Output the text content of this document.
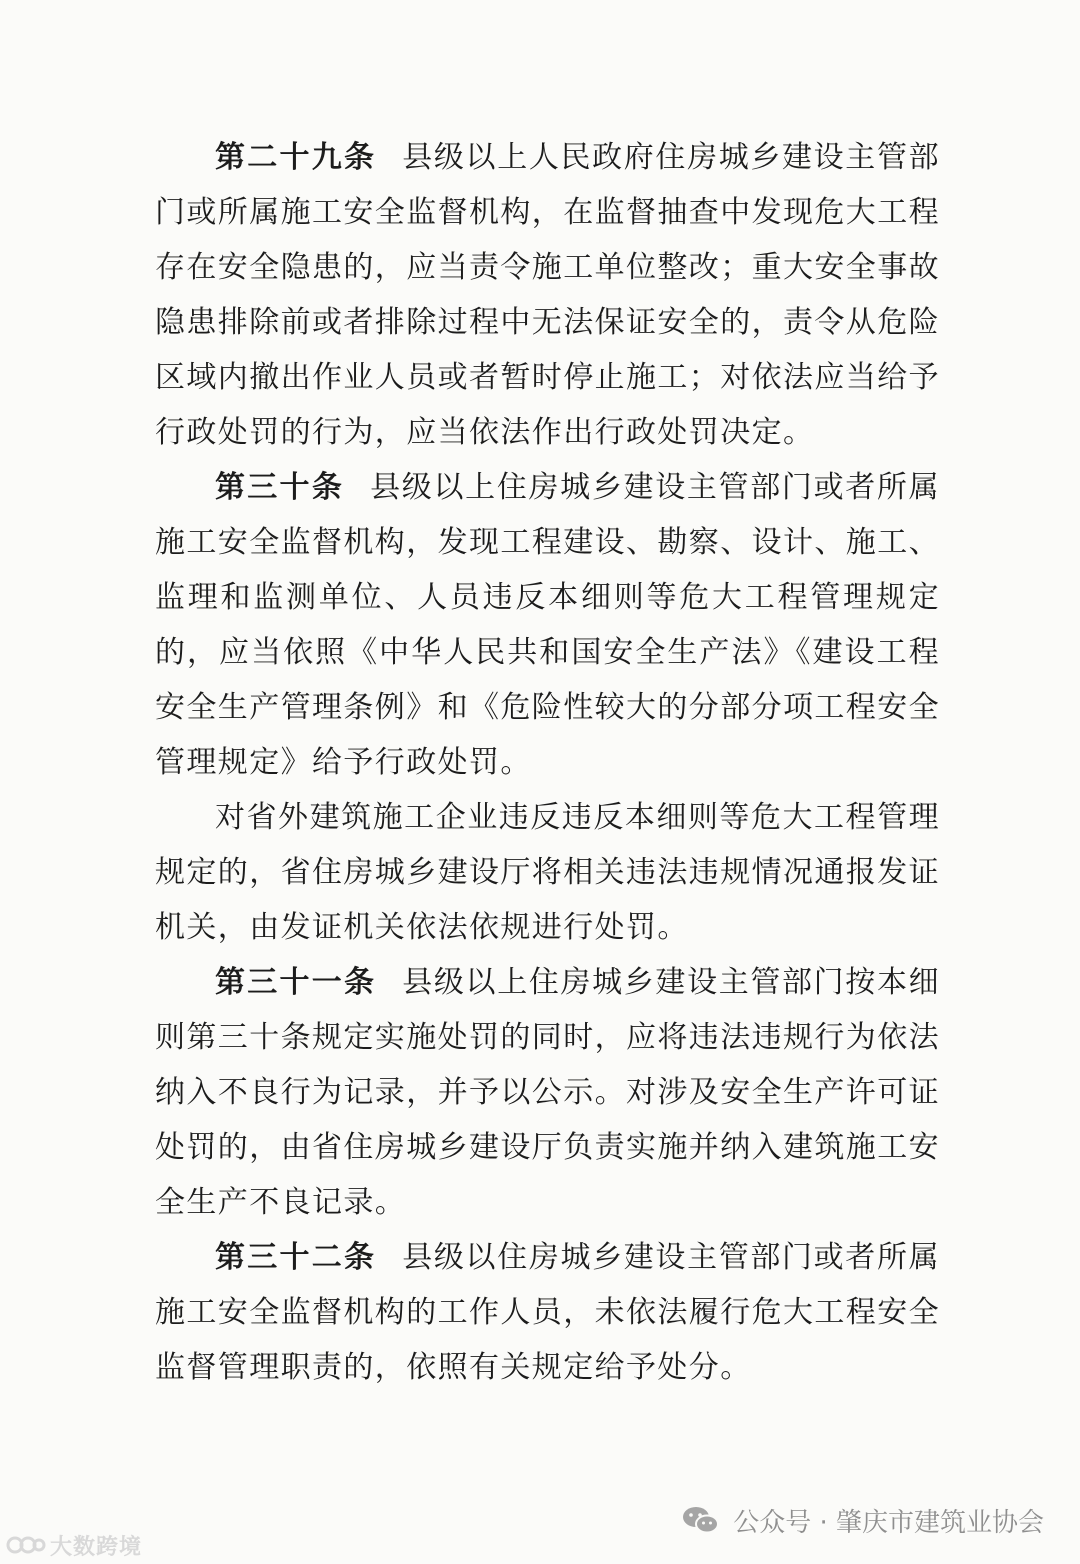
第二十九条 县级以上人民政府住房城乡建设主管部门或所属施工安全监督机构，在监督抽查中发现危大工程存在安全隐患的，应当责令施工单位整改；重大安全事故隐患排除前或者排除过程中无法保证安全的，责令从危险区域内撤出作业人员或者暂时停止施工；对依法应当给予行政处罚的行为，应当依法作出行政处罚决定。

第三十条 县级以上住房城乡建设主管部门或者所属施工安全监督机构，发现工程建设、勘察、设计、施工、监理和监测单位、人员违反本细则等危大工程管理规定的，应当依照《中华人民共和国安全生产法》《建设工程安全生产管理条例》和《危险性较大的分部分项工程安全管理规定》给予行政处罚。

对省外建筑施工企业违反违反本细则等危大工程管理规定的，省住房城乡建设厅将相关违法违规情况通报发证机关，由发证机关依法依规进行处罚。

第三十一条 县级以上住房城乡建设主管部门按本细则第三十条规定实施处罚的同时，应将违法违规行为依法纳入不良行为记录，并予以公示。对涉及安全生产许可证处罚的，由省住房城乡建设厅负责实施并纳入建筑施工安全生产不良记录。

第三十二条 县级以住房城乡建设主管部门或者所属施工安全监督机构的工作人员，未依法履行危大工程安全监督管理职责的，依照有关规定给予处分。

公众号 · 肇庆市建筑业协会
大数跨境
